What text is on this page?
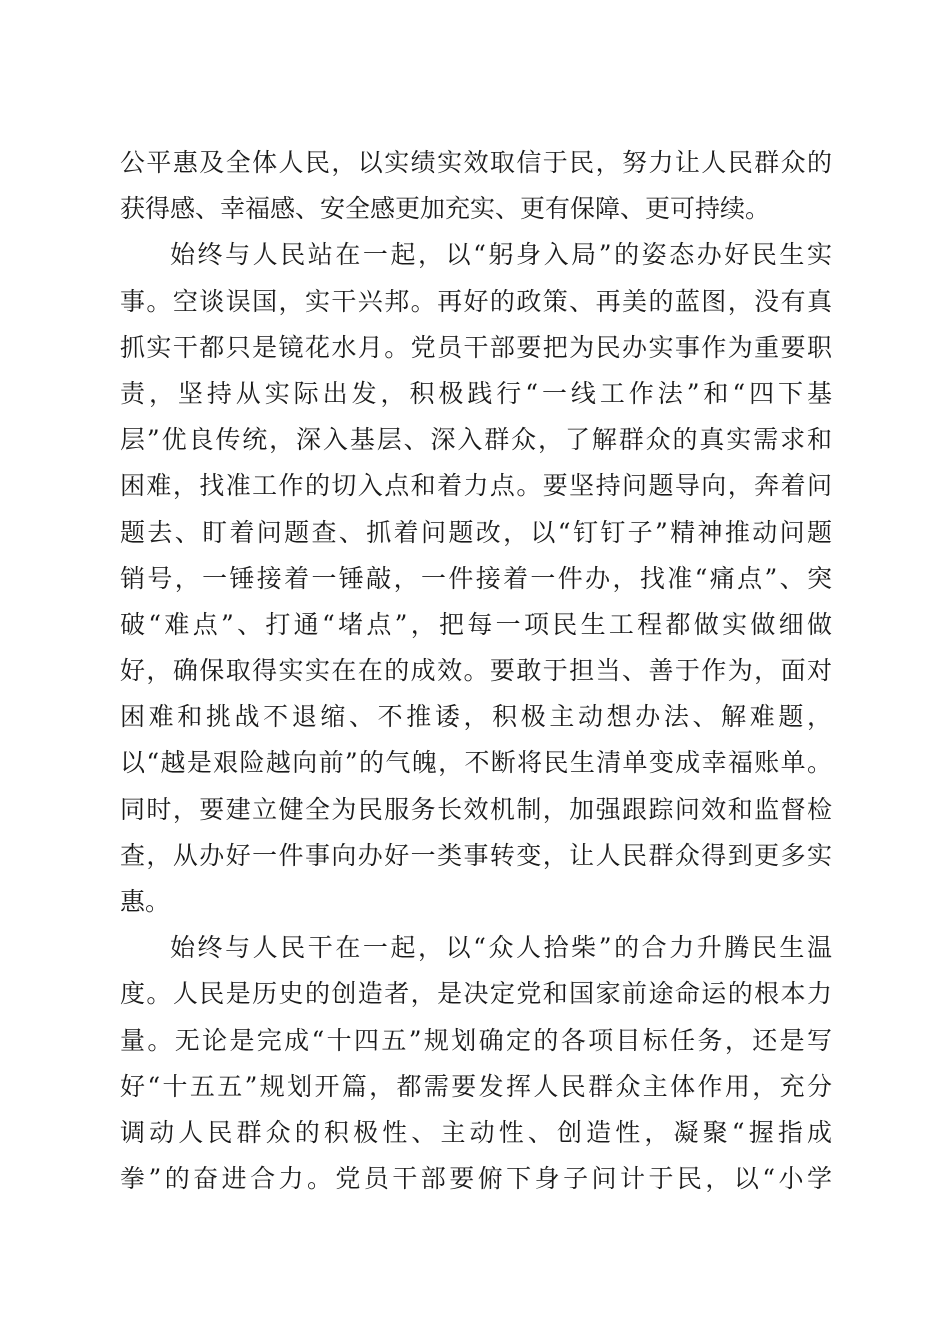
公平惠及全体人民，以实绩实效取信于民，努力让人民群众的
获得感、幸福感、安全感更加充实、更有保障、更可持续。
始终与人民站在一起，以“躬身入局”的姿态办好民生实
事。空谈误国，实干兴邦。再好的政策、再美的蓝图，没有真
抓实干都只是镜花水月。党员干部要把为民办实事作为重要职
责，坚持从实际出发，积极践行“一线工作法”和“四下基
层”优良传统，深入基层、深入群众，了解群众的真实需求和
困难，找准工作的切入点和着力点。要坚持问题导向，奔着问
题去、盯着问题查、抓着问题改，以“钉钉子”精神推动问题
销号，一锤接着一锤敲，一件接着一件办，找准“痛点”、突
破“难点”、打通“堵点”，把每一项民生工程都做实做细做
好，确保取得实实在在的成效。要敢于担当、善于作为，面对
困难和挑战不退缩、不推诿，积极主动想办法、解难题，
以“越是艰险越向前”的气魄，不断将民生清单变成幸福账单。
同时，要建立健全为民服务长效机制，加强跟踪问效和监督检
查，从办好一件事向办好一类事转变，让人民群众得到更多实
惠。
始终与人民干在一起，以“众人拾柴”的合力升腾民生温
度。人民是历史的创造者，是决定党和国家前途命运的根本力
量。无论是完成“十四五”规划确定的各项目标任务，还是写
好“十五五”规划开篇，都需要发挥人民群众主体作用，充分
调动人民群众的积极性、主动性、创造性，凝聚“握指成
拳”的奋进合力。党员干部要俯下身子问计于民，以“小学
